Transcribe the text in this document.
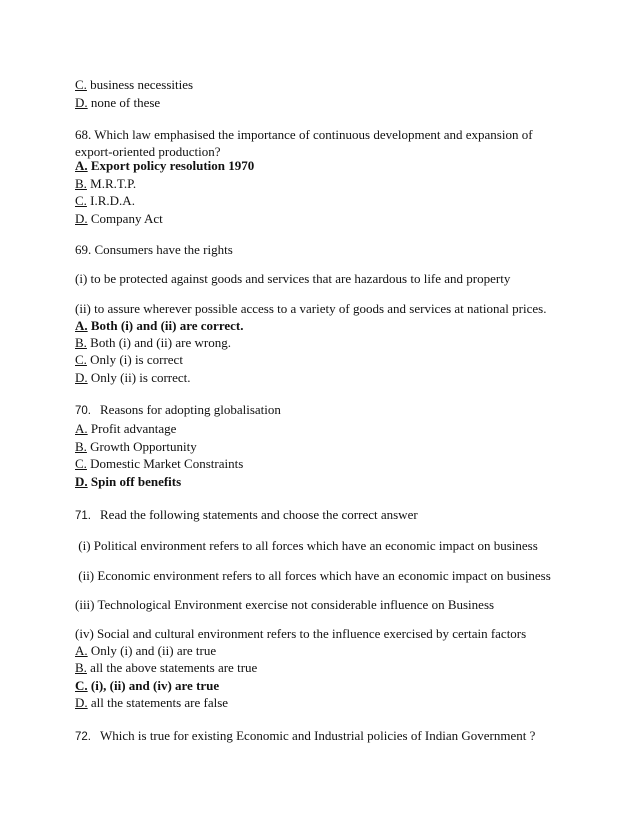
C. business necessities
D. none of these
68. Which law emphasised the importance of continuous development and expansion of export-oriented production?
A. Export policy resolution 1970
B. M.R.T.P.
C. I.R.D.A.
D. Company Act
69. Consumers have the rights
(i) to be protected against goods and services that are hazardous to life and property
(ii) to assure wherever possible access to a variety of goods and services at national prices.
A. Both (i) and (ii) are correct.
B. Both (i) and (ii) are wrong.
C. Only (i) is correct
D. Only (ii) is correct.
70. Reasons for adopting globalisation
A. Profit advantage
B. Growth Opportunity
C. Domestic Market Constraints
D. Spin off benefits
71. Read the following statements and choose the correct answer
(i) Political environment refers to all forces which have an economic impact on business
(ii) Economic environment refers to all forces which have an economic impact on business
(iii) Technological Environment exercise not considerable influence on Business
(iv) Social and cultural environment refers to the influence exercised by certain factors
A. Only (i) and (ii) are true
B. all the above statements are true
C. (i), (ii) and (iv) are true
D. all the statements are false
72. Which is true for existing Economic and Industrial policies of Indian Government ?
